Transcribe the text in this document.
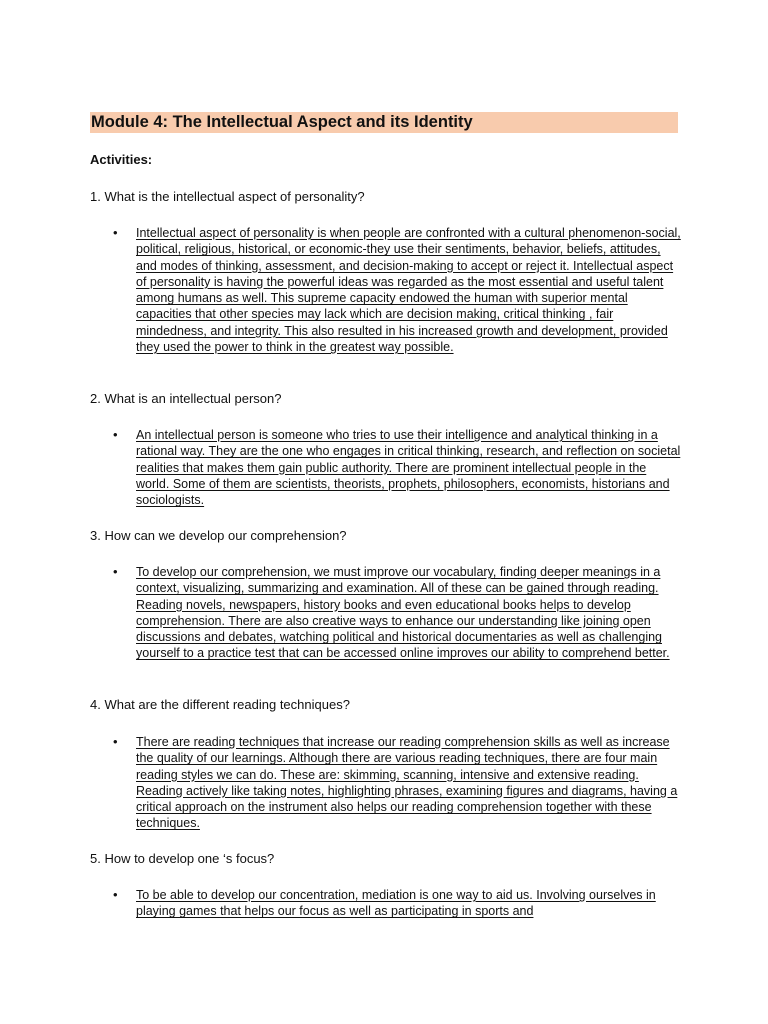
Module 4: The Intellectual Aspect and its Identity
Activities:
1. What is the intellectual aspect of personality?
• Intellectual aspect of personality is when people are confronted with a cultural phenomenon-social, political, religious, historical, or economic-they use their sentiments, behavior, beliefs, attitudes, and modes of thinking, assessment, and decision-making to accept or reject it. Intellectual aspect of personality is having the powerful ideas was regarded as the most essential and useful talent among humans as well. This supreme capacity endowed the human with superior mental capacities that other species may lack which are decision making, critical thinking , fair mindedness, and integrity. This also resulted in his increased growth and development, provided they used the power to think in the greatest way possible.
2. What is an intellectual person?
• An intellectual person is someone who tries to use their intelligence and analytical thinking in a rational way. They are the one who engages in critical thinking, research, and reflection on societal realities that makes them gain public authority. There are prominent intellectual people in the world. Some of them are scientists, theorists, prophets, philosophers, economists, historians and sociologists.
3. How can we develop our comprehension?
• To develop our comprehension, we must improve our vocabulary, finding deeper meanings in a context, visualizing, summarizing and examination. All of these can be gained through reading. Reading novels, newspapers, history books and even educational books helps to develop comprehension. There are also creative ways to enhance our understanding like joining open discussions and debates, watching political and historical documentaries as well as challenging yourself to a practice test that can be accessed online improves our ability to comprehend better.
4. What are the different reading techniques?
• There are reading techniques that increase our reading comprehension skills as well as increase the quality of our learnings. Although there are various reading techniques, there are four main reading styles we can do. These are: skimming, scanning, intensive and extensive reading. Reading actively like taking notes, highlighting phrases, examining figures and diagrams, having a critical approach on the instrument also helps our reading comprehension together with these techniques.
5. How to develop one ‘s focus?
• To be able to develop our concentration, mediation is one way to aid us. Involving ourselves in playing games that helps our focus as well as participating in sports and
